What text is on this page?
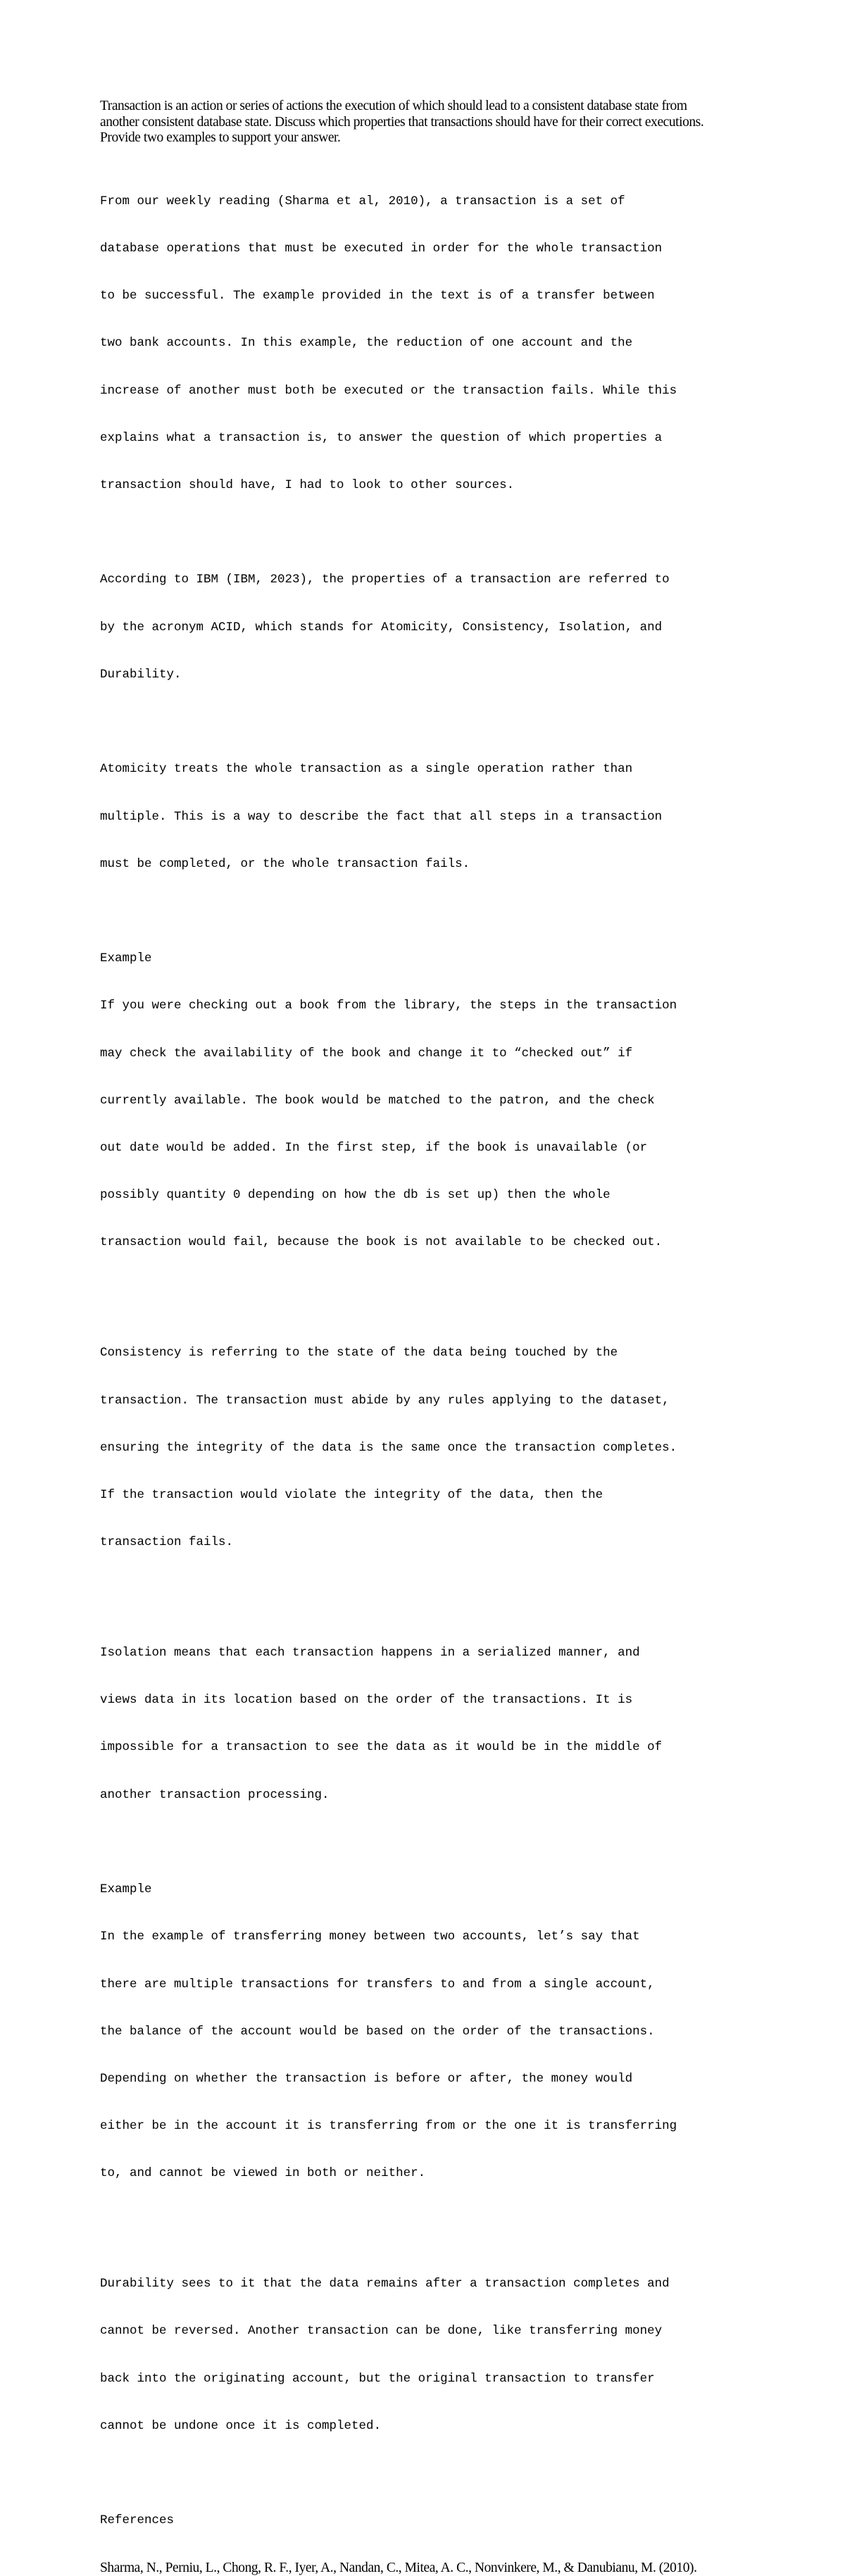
Transaction is an action or series of actions the execution of which should lead to a consistent database state from
another consistent database state. Discuss which properties that transactions should have for their correct executions.
Provide two examples to support your answer.

From our weekly reading (Sharma et al, 2010), a transaction is a set of

database operations that must be executed in order for the whole transaction

to be successful. The example provided in the text is of a transfer between

two bank accounts. In this example, the reduction of one account and the

increase of another must both be executed or the transaction fails. While this

explains what a transaction is, to answer the question of which properties a

transaction should have, I had to look to other sources.

According to IBM (IBM, 2023), the properties of a transaction are referred to

by the acronym ACID, which stands for Atomicity, Consistency, Isolation, and

Durability.

Atomicity treats the whole transaction as a single operation rather than

multiple. This is a way to describe the fact that all steps in a transaction

must be completed, or the whole transaction fails.

Example

If you were checking out a book from the library, the steps in the transaction

may check the availability of the book and change it to “checked out” if

currently available. The book would be matched to the patron, and the check

out date would be added. In the first step, if the book is unavailable (or

possibly quantity 0 depending on how the db is set up) then the whole

transaction would fail, because the book is not available to be checked out.

Consistency is referring to the state of the data being touched by the

transaction. The transaction must abide by any rules applying to the dataset,

ensuring the integrity of the data is the same once the transaction completes.

If the transaction would violate the integrity of the data, then the

transaction fails.

Isolation means that each transaction happens in a serialized manner, and

views data in its location based on the order of the transactions. It is

impossible for a transaction to see the data as it would be in the middle of

another transaction processing.

Example

In the example of transferring money between two accounts, let’s say that

there are multiple transactions for transfers to and from a single account,

the balance of the account would be based on the order of the transactions.

Depending on whether the transaction is before or after, the money would

either be in the account it is transferring from or the one it is transferring

to, and cannot be viewed in both or neither.

Durability sees to it that the data remains after a transaction completes and

cannot be reversed. Another transaction can be done, like transferring money

back into the originating account, but the original transaction to transfer

cannot be undone once it is completed.

References

Sharma, N., Perniu, L., Chong, R. F., Iyer, A., Nandan, C., Mitea, A. C., Nonvinkere, M., & Danubianu, M. (2010).
